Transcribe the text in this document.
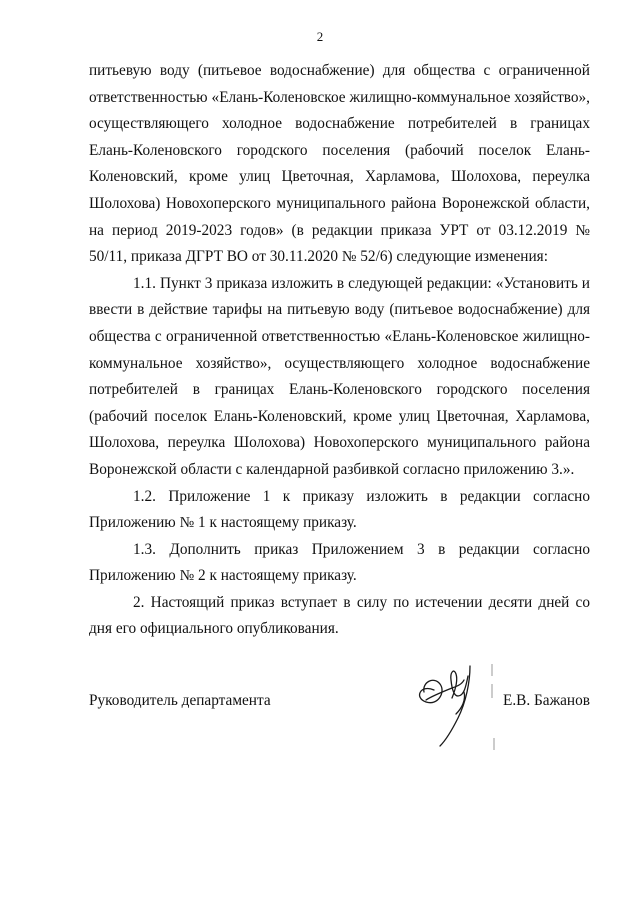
2

питьевую воду (питьевое водоснабжение) для общества с ограниченной ответственностью «Елань-Коленовское жилищно-коммунальное хозяйство», осуществляющего холодное водоснабжение потребителей в границах Елань-Коленовского городского поселения (рабочий поселок Елань-Коленовский, кроме улиц Цветочная, Харламова, Шолохова, переулка Шолохова) Новохоперского муниципального района Воронежской области, на период 2019-2023 годов» (в редакции приказа УРТ от 03.12.2019 № 50/11, приказа ДГРТ ВО от 30.11.2020 № 52/6) следующие изменения:

1.1. Пункт 3 приказа изложить в следующей редакции: «Установить и ввести в действие тарифы на питьевую воду (питьевое водоснабжение) для общества с ограниченной ответственностью «Елань-Коленовское жилищно-коммунальное хозяйство», осуществляющего холодное водоснабжение потребителей в границах Елань-Коленовского городского поселения (рабочий поселок Елань-Коленовский, кроме улиц Цветочная, Харламова, Шолохова, переулка Шолохова) Новохоперского муниципального района Воронежской области с календарной разбивкой согласно приложению 3.».

1.2. Приложение 1 к приказу изложить в редакции согласно Приложению № 1 к настоящему приказу.

1.3. Дополнить приказ Приложением 3 в редакции согласно Приложению № 2 к настоящему приказу.

2. Настоящий приказ вступает в силу по истечении десяти дней со дня его официального опубликования.

Руководитель департамента	Е.В. Бажанов
